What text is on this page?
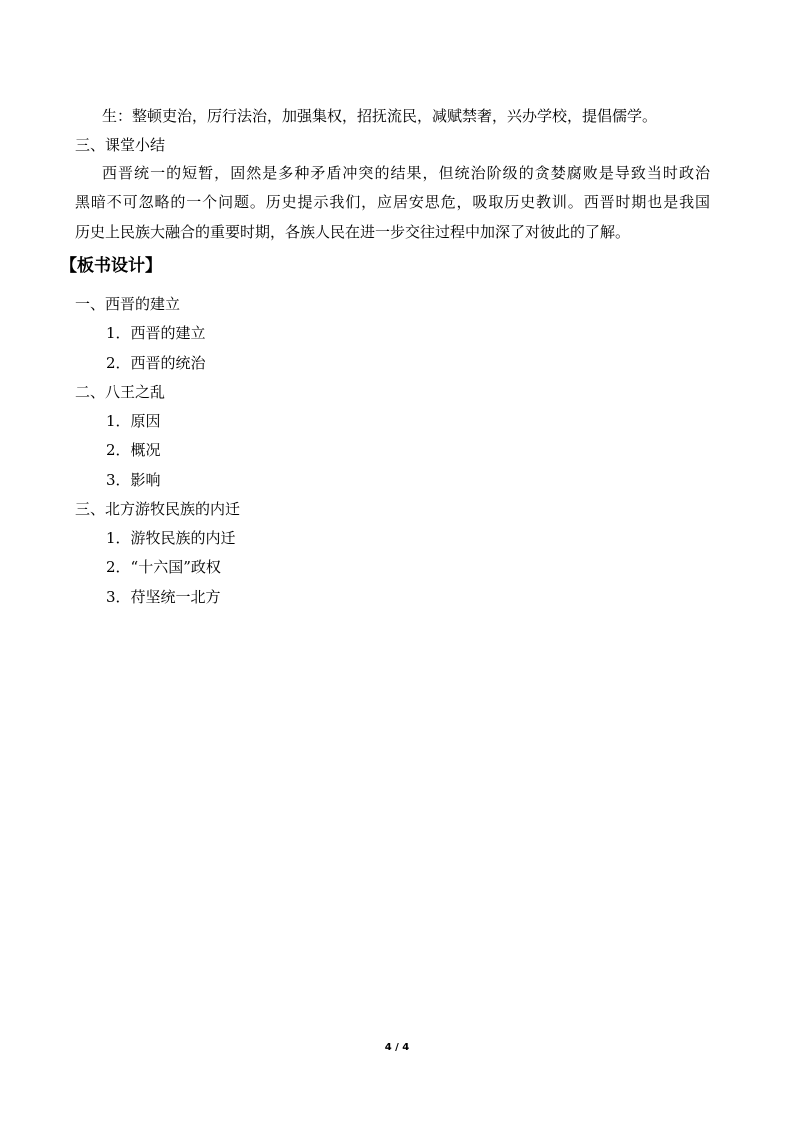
生：整顿吏治，厉行法治，加强集权，招抚流民，减赋禁奢，兴办学校，提倡儒学。
三、课堂小结
西晋统一的短暂，固然是多种矛盾冲突的结果，但统治阶级的贪婪腐败是导致当时政治
黑暗不可忽略的一个问题。历史提示我们，应居安思危，吸取历史教训。西晋时期也是我国
历史上民族大融合的重要时期，各族人民在进一步交往过程中加深了对彼此的了解。
【板书设计】
一、西晋的建立
1．西晋的建立
2．西晋的统治
二、八王之乱
1．原因
2．概况
3．影响
三、北方游牧民族的内迁
1．游牧民族的内迁
2．“十六国”政权
3．苻坚统一北方
4 / 4
